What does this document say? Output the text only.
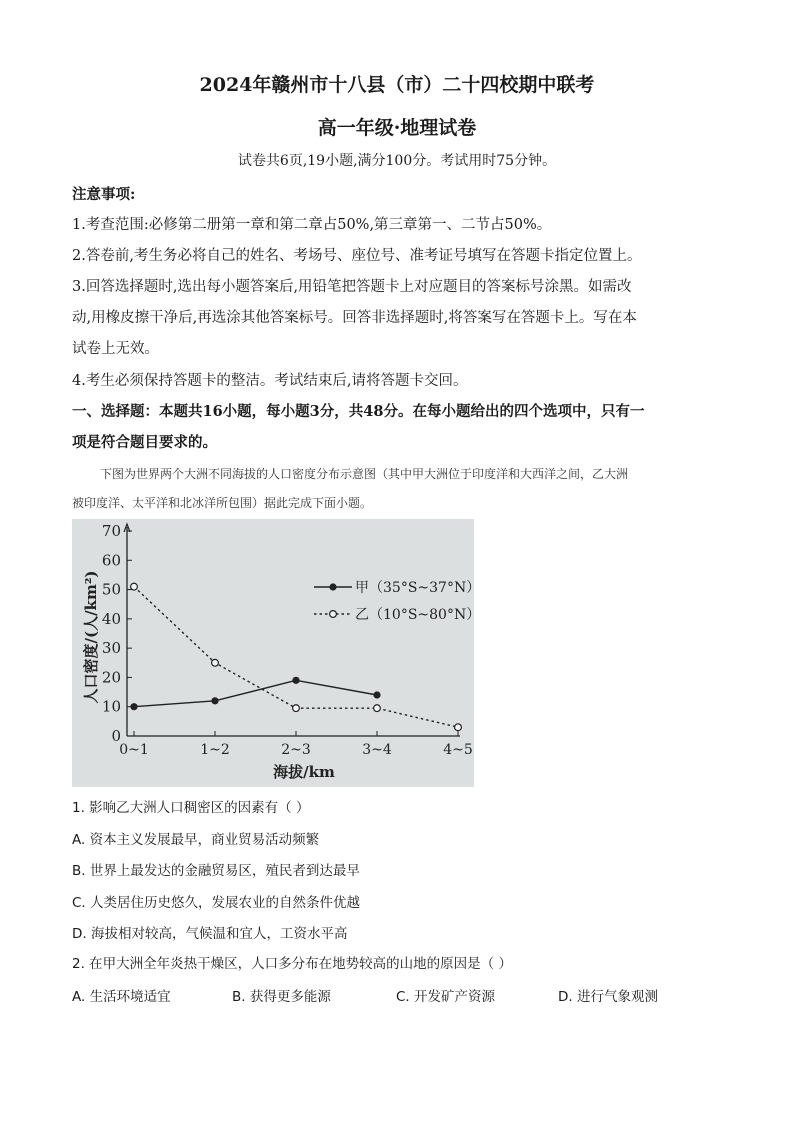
2024年赣州市十八县（市）二十四校期中联考
高一年级·地理试卷
试卷共6页,19小题,满分100分。考试用时75分钟。
注意事项:
1.考查范围:必修第二册第一章和第二章占50%,第三章第一、二节占50%。
2.答卷前,考生务必将自己的姓名、考场号、座位号、准考证号填写在答题卡指定位置上。
3.回答选择题时,选出每小题答案后,用铅笔把答题卡上对应题目的答案标号涂黑。如需改
动,用橡皮擦干净后,再选涂其他答案标号。回答非选择题时,将答案写在答题卡上。写在本
试卷上无效。
4.考生必须保持答题卡的整洁。考试结束后,请将答题卡交回。
一、选择题：本题共16小题，每小题3分，共48分。在每小题给出的四个选项中，只有一
项是符合题目要求的。
下图为世界两个大洲不同海拔的人口密度分布示意图（其中甲大洲位于印度洋和大西洋之间，乙大洲
被印度洋、太平洋和北冰洋所包围）据此完成下面小题。
0
10
20
30
40
50
60
70
0~1	1~2	2~3	3~4	4~5
甲（35°S~37°N）
乙（10°S~80°N）
海拔/km
人口密度/(人/km²)
1. 影响乙大洲人口稠密区的因素有（ ）
A. 资本主义发展最早，商业贸易活动频繁
B. 世界上最发达的金融贸易区，殖民者到达最早
C. 人类居住历史悠久，发展农业的自然条件优越
D. 海拔相对较高，气候温和宜人，工资水平高
2. 在甲大洲全年炎热干燥区，人口多分布在地势较高的山地的原因是（ ）
A. 生活环境适宜	B. 获得更多能源	C. 开发矿产资源	D. 进行气象观测
